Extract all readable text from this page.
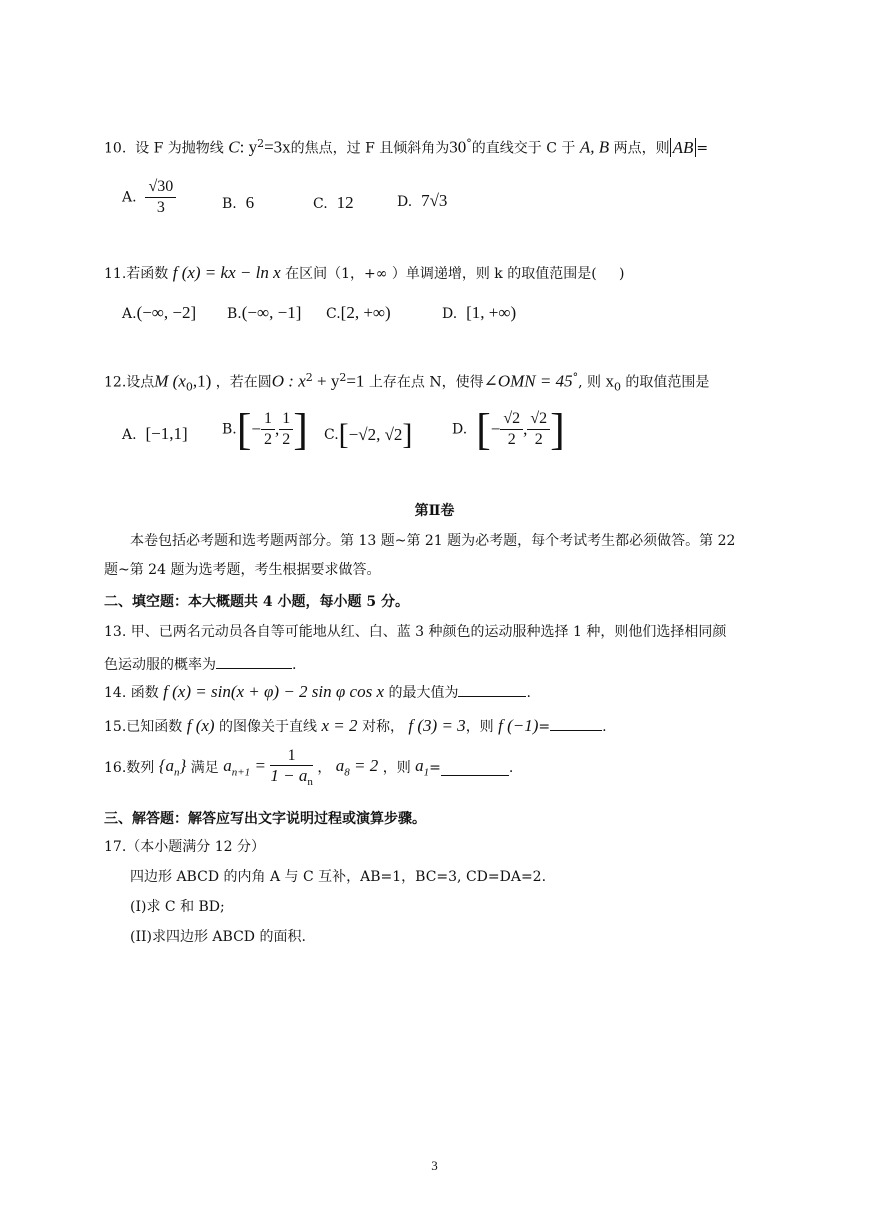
10. 设 F 为抛物线 C: $y^2=3x$的焦点，过 F 且倾斜角为30°的直线交于 C 于 A, B 两点，则 AB =
A. $\frac{√30}{3}$	B. 6	C. 12	D. 7√3
11.若函数 f (x) = kx − ln x 在区间（1，+∞ ）单调递增，则 k 的取值范围是( )
A.(−∞, −2] B.(−∞, −1] C.[2, +∞)	D. [1, +∞)
12.设点M $(x_0,1)$ ，若在圆O : $x^2 + y^2=1$ 上存在点 N，使得∠OMN = 45°, 则 $x_0$ 的取值范围是
A. [−1,1] $B.[- \frac{1}{2}$ , $\frac{1}{2}$ ] C.[−√2, √2]	D. [− $\frac{√2}{2}$ , $\frac{√2}{2}$ ]
第Ⅱ卷
本卷包括必考题和选考题两部分。第 13 题~第 21 题为必考题，每个考试考生都必须做答。第 22
题~第 24 题为选考题，考生根据要求做答。
二、填空题：本大概题共 4 小题，每小题 5 分。
13. 甲、已两名元动员各自等可能地从红、白、蓝 3 种颜色的运动服种选择 1 种，则他们选择相同颜
色运动服的概率为	.
14. 函数 f (x) = sin(x + φ) − 2 sin φ cos x 的最大值为	.
15.已知函数 f (x) 的图像关于直线 x = 2 对称， f (3) = 3，则 f (−1)=	.
16.数列 $\{a_n\}$ 满足 $a_{n+1} = \frac{1}{1 - a_n}$ ， $a_8 = 2$ ，则 $a_1=$	.
三、解答题：解答应写出文字说明过程或演算步骤。
17.（本小题满分 12 分）
四边形 ABCD 的内角 A 与 C 互补，AB=1，BC=3, CD=DA=2.
(I)求 C 和 BD;
(II)求四边形 ABCD 的面积.
3
